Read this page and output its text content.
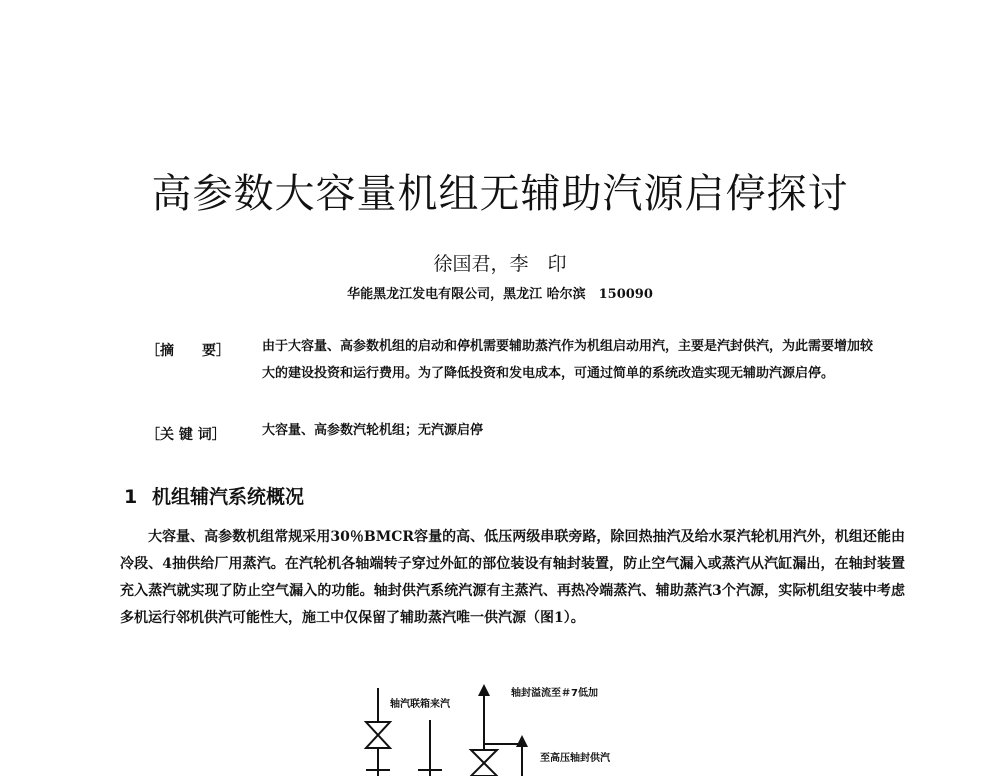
高参数大容量机组无辅助汽源启停探讨
徐国君，李　印
华能黑龙江发电有限公司，黑龙江 哈尔滨　150090
［摘　　要］	由于大容量、高参数机组的启动和停机需要辅助蒸汽作为机组启动用汽，主要是汽封供汽，为此需要增加较大的建设投资和运行费用。为了降低投资和发电成本，可通过简单的系统改造实现无辅助汽源启停。
［关 键 词］	大容量、高参数汽轮机组；无汽源启停
1 机组辅汽系统概况
大容量、高参数机组常规采用30％BMCR容量的高、低压两级串联旁路，除回热抽汽及给水泵汽轮机用汽外，机组还能由冷段、4抽供给厂用蒸汽。在汽轮机各轴端转子穿过外缸的部位装设有轴封装置，防止空气漏入或蒸汽从汽缸漏出，在轴封装置充入蒸汽就实现了防止空气漏入的功能。轴封供汽系统汽源有主蒸汽、再热冷端蒸汽、辅助蒸汽3个汽源，实际机组安装中考虑多机运行邻机供汽可能性大，施工中仅保留了辅助蒸汽唯一供汽源（图1）。
轴汽联箱来汽
轴封溢流至＃7低加
至高压轴封供汽
